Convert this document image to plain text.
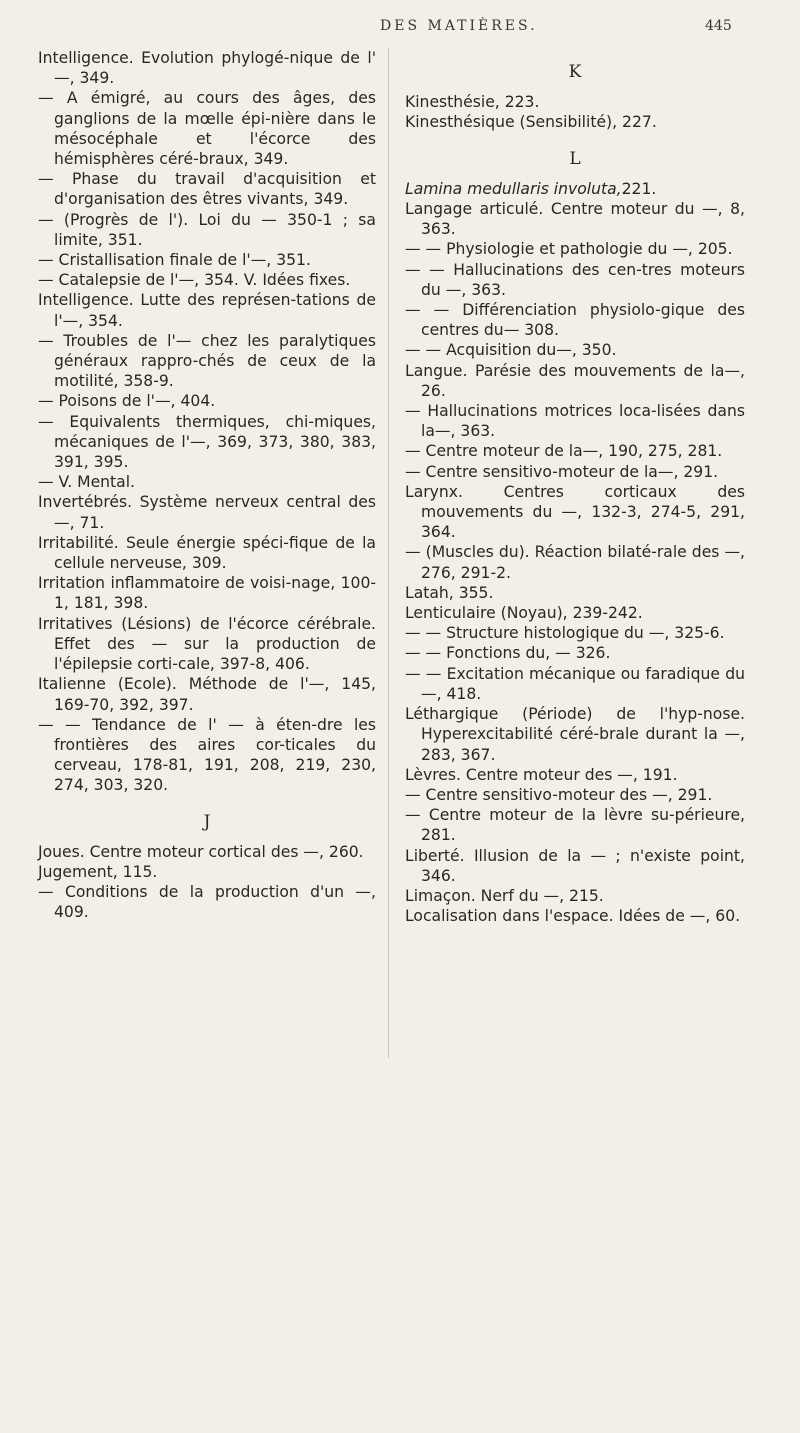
DES MATIÈRES.	445
Intelligence. Evolution phylogé-nique de l' —, 349.
— A émigré, au cours des âges, des ganglions de la mœlle épi-nière dans le mésocéphale et l'écorce des hémisphères céré-braux, 349.
— Phase du travail d'acquisition et d'organisation des êtres vivants, 349.
— (Progrès de l'). Loi du — 350-1 ; sa limite, 351.
— Cristallisation finale de l'—, 351.
— Catalepsie de l'—, 354. V. Idées fixes.
Intelligence. Lutte des représen-tations de l'—, 354.
— Troubles de l'— chez les paralytiques généraux rappro-chés de ceux de la motilité, 358-9.
— Poisons de l'—, 404.
— Equivalents thermiques, chi-miques, mécaniques de l'—, 369, 373, 380, 383, 391, 395.
— V. Mental.
Invertébrés. Système nerveux central des —, 71.
Irritabilité. Seule énergie spéci-fique de la cellule nerveuse, 309.
Irritation inflammatoire de voisi-nage, 100-1, 181, 398.
Irritatives (Lésions) de l'écorce cérébrale. Effet des — sur la production de l'épilepsie corti-cale, 397-8, 406.
Italienne (Ecole). Méthode de l'—, 145, 169-70, 392, 397.
— — Tendance de l' — à éten-dre les frontières des aires cor-ticales du cerveau, 178-81, 191, 208, 219, 230, 274, 303, 320.
J
Joues. Centre moteur cortical des —, 260.
Jugement, 115.
— Conditions de la production d'un —, 409.
K
Kinesthésie, 223.
Kinesthésique (Sensibilité), 227.
L
Lamina medullaris involuta,221.
Langage articulé. Centre moteur du —, 8, 363.
— — Physiologie et pathologie du —, 205.
— — Hallucinations des cen-tres moteurs du —, 363.
— — Différenciation physiolo-gique des centres du— 308.
— — Acquisition du—, 350.
Langue. Parésie des mouvements de la—, 26.
— Hallucinations motrices loca-lisées dans la—, 363.
— Centre moteur de la—, 190, 275, 281.
— Centre sensitivo-moteur de la—, 291.
Larynx. Centres corticaux des mouvements du —, 132-3, 274-5, 291, 364.
— (Muscles du). Réaction bilaté-rale des —, 276, 291-2.
Latah, 355.
Lenticulaire (Noyau), 239-242.
— — Structure histologique du —, 325-6.
— — Fonctions du, — 326.
— — Excitation mécanique ou faradique du —, 418.
Léthargique (Période) de l'hyp-nose. Hyperexcitabilité céré-brale durant la —, 283, 367.
Lèvres. Centre moteur des —, 191.
— Centre sensitivo-moteur des —, 291.
— Centre moteur de la lèvre su-périeure, 281.
Liberté. Illusion de la — ; n'existe point, 346.
Limaçon. Nerf du —, 215.
Localisation dans l'espace. Idées de —, 60.
